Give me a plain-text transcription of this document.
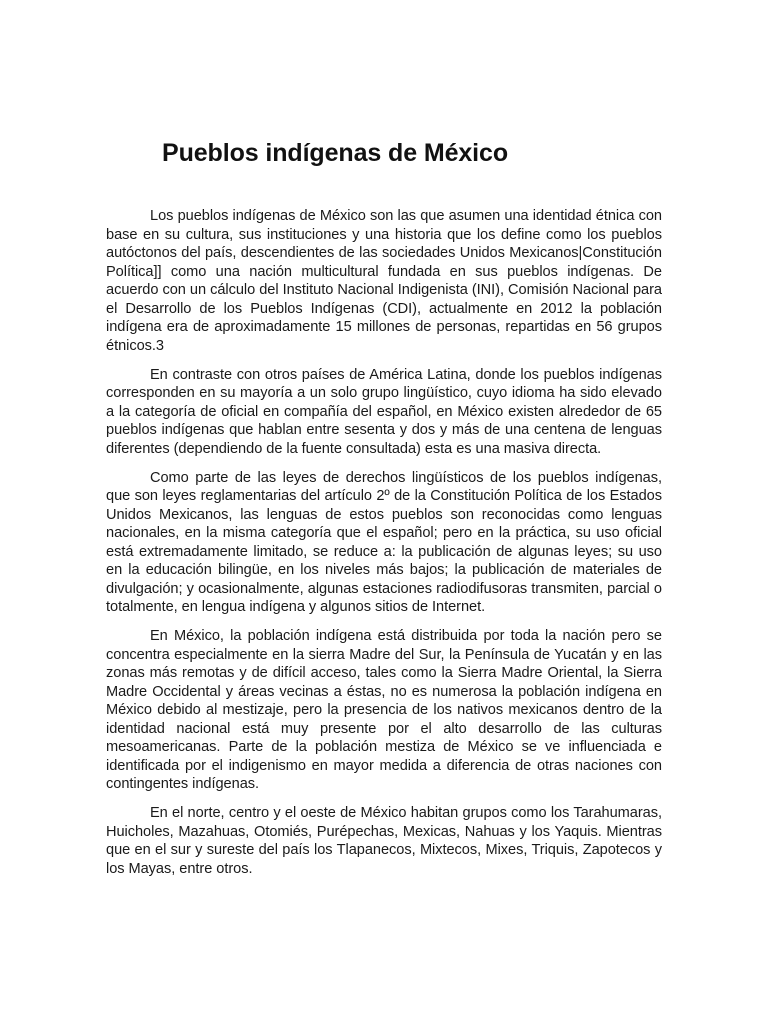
Pueblos indígenas de México

Los pueblos indígenas de México son las que asumen una identidad étnica con base en su cultura, sus instituciones y una historia que los define como los pueblos autóctonos del país, descendientes de las sociedades Unidos Mexicanos|Constitución Política]] como una nación multicultural fundada en sus pueblos indígenas. De acuerdo con un cálculo del Instituto Nacional Indigenista (INI), Comisión Nacional para el Desarrollo de los Pueblos Indígenas (CDI), actualmente en 2012 la población indígena era de aproximadamente 15 millones de personas, repartidas en 56 grupos étnicos.3

En contraste con otros países de América Latina, donde los pueblos indígenas corresponden en su mayoría a un solo grupo lingüístico, cuyo idioma ha sido elevado a la categoría de oficial en compañía del español, en México existen alrededor de 65 pueblos indígenas que hablan entre sesenta y dos y más de una centena de lenguas diferentes (dependiendo de la fuente consultada) esta es una masiva directa.

Como parte de las leyes de derechos lingüísticos de los pueblos indígenas, que son leyes reglamentarias del artículo 2º de la Constitución Política de los Estados Unidos Mexicanos, las lenguas de estos pueblos son reconocidas como lenguas nacionales, en la misma categoría que el español; pero en la práctica, su uso oficial está extremadamente limitado, se reduce a: la publicación de algunas leyes; su uso en la educación bilingüe, en los niveles más bajos; la publicación de materiales de divulgación; y ocasionalmente, algunas estaciones radiodifusoras transmiten, parcial o totalmente, en lengua indígena y algunos sitios de Internet.

En México, la población indígena está distribuida por toda la nación pero se concentra especialmente en la sierra Madre del Sur, la Península de Yucatán y en las zonas más remotas y de difícil acceso, tales como la Sierra Madre Oriental, la Sierra Madre Occidental y áreas vecinas a éstas, no es numerosa la población indígena en México debido al mestizaje, pero la presencia de los nativos mexicanos dentro de la identidad nacional está muy presente por el alto desarrollo de las culturas mesoamericanas. Parte de la población mestiza de México se ve influenciada e identificada por el indigenismo en mayor medida a diferencia de otras naciones con contingentes indígenas.

En el norte, centro y el oeste de México habitan grupos como los Tarahumaras, Huicholes, Mazahuas, Otomiés, Purépechas, Mexicas, Nahuas y los Yaquis. Mientras que en el sur y sureste del país los Tlapanecos, Mixtecos, Mixes, Triquis, Zapotecos y los Mayas, entre otros.
